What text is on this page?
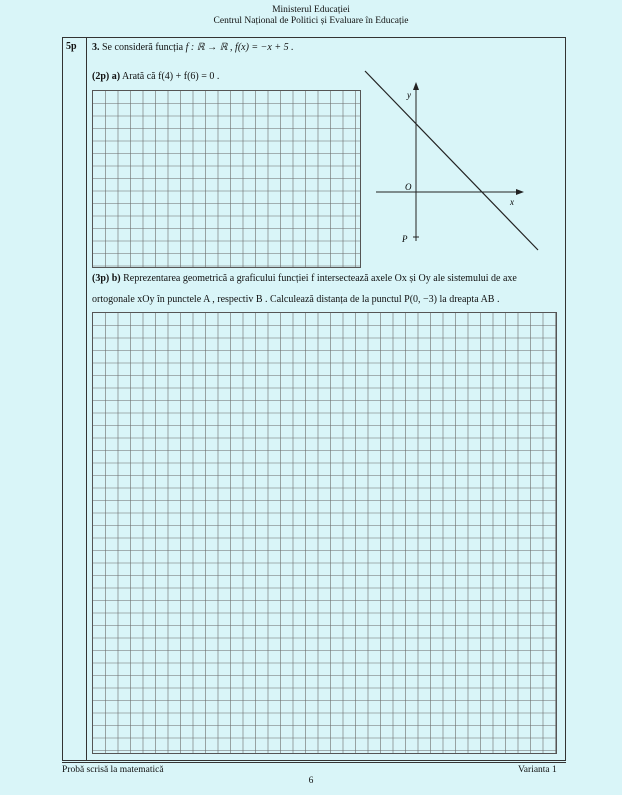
Ministerul Educației
Centrul Național de Politici și Evaluare în Educație
5p 3. Se consideră funcția f : ℝ → ℝ , f(x) = −x + 5 .
(2p) a) Arată că f(4) + f(6) = 0 .
y
x
O
P
(3p) b) Reprezentarea geometrică a graficului funcției f intersectează axele Ox și Oy ale sistemului de axe
ortogonale xOy în punctele A , respectiv B . Calculează distanța de la punctul P(0, −3) la dreapta AB .
Probă scrisă la matematică	Varianta 1
6
